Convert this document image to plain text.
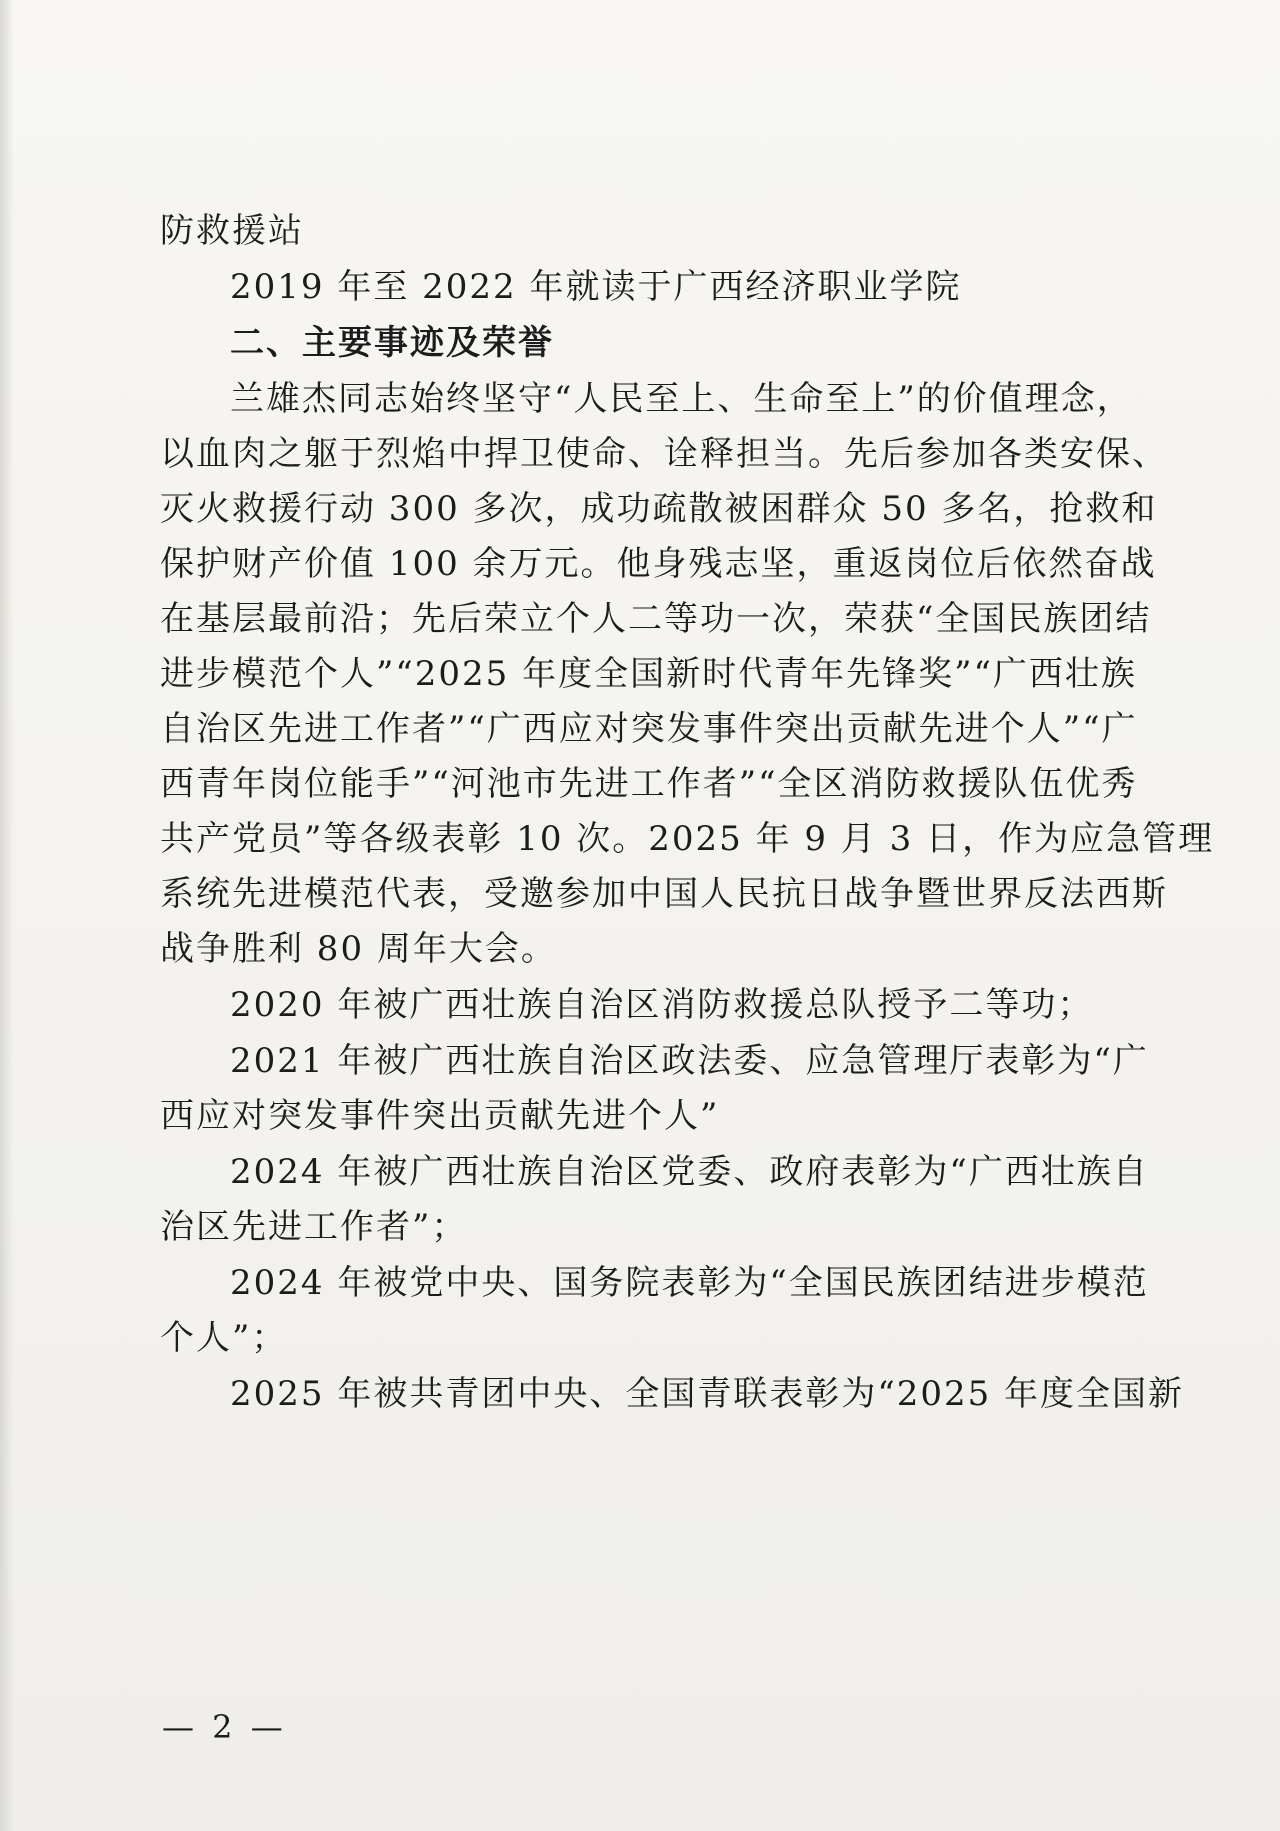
防救援站
2019 年至 2022 年就读于广西经济职业学院
二、主要事迹及荣誉
兰雄杰同志始终坚守“人民至上、生命至上”的价值理念，
以血肉之躯于烈焰中捍卫使命、诠释担当。先后参加各类安保、
灭火救援行动 300 多次，成功疏散被困群众 50 多名，抢救和
保护财产价值 100 余万元。他身残志坚，重返岗位后依然奋战
在基层最前沿；先后荣立个人二等功一次，荣获“全国民族团结
进步模范个人”“2025 年度全国新时代青年先锋奖”“广西壮族
自治区先进工作者”“广西应对突发事件突出贡献先进个人”“广
西青年岗位能手”“河池市先进工作者”“全区消防救援队伍优秀
共产党员”等各级表彰 10 次。2025 年 9 月 3 日，作为应急管理
系统先进模范代表，受邀参加中国人民抗日战争暨世界反法西斯
战争胜利 80 周年大会。
2020 年被广西壮族自治区消防救援总队授予二等功；
2021 年被广西壮族自治区政法委、应急管理厅表彰为“广
西应对突发事件突出贡献先进个人”
2024 年被广西壮族自治区党委、政府表彰为“广西壮族自
治区先进工作者”；
2024 年被党中央、国务院表彰为“全国民族团结进步模范
个人”；
2025 年被共青团中央、全国青联表彰为“2025 年度全国新
— 2 —
